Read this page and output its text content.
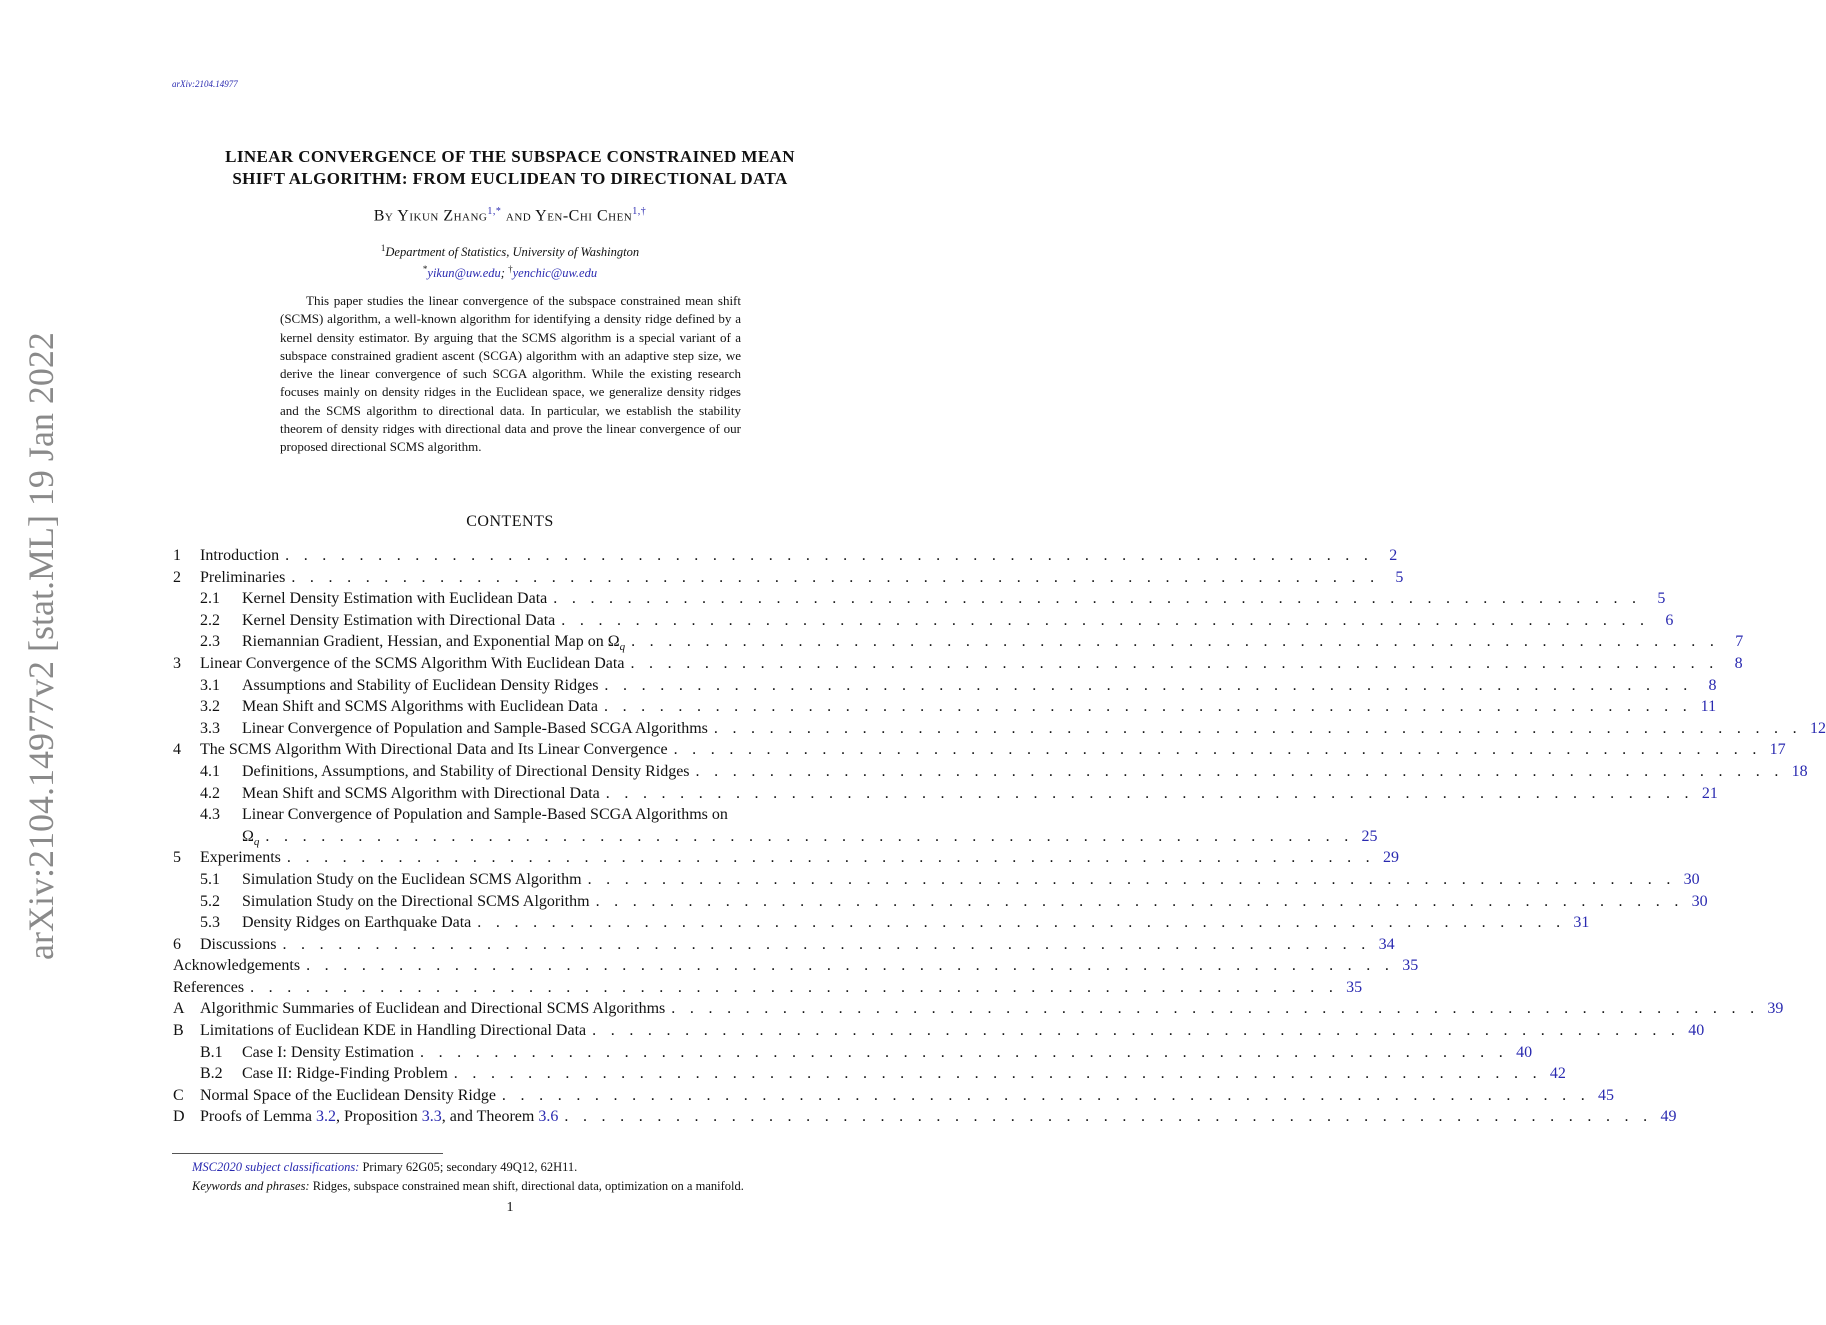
arXiv:2104.14977
arXiv:2104.14977v2 [stat.ML] 19 Jan 2022
LINEAR CONVERGENCE OF THE SUBSPACE CONSTRAINED MEAN
SHIFT ALGORITHM: FROM EUCLIDEAN TO DIRECTIONAL DATA
By Yikun Zhang$^{1,*}$ and Yen-Chi Chen$^{1,\dagger}$
$^1$Department of Statistics, University of Washington
*yikun@uw.edu; †yenchic@uw.edu

This paper studies the linear convergence of the subspace constrained mean shift (SCMS) algorithm, a well-known algorithm for identifying a density ridge defined by a kernel density estimator. By arguing that the SCMS algorithm is a special variant of a subspace constrained gradient ascent (SCGA) algorithm with an adaptive step size, we derive the linear convergence of such SCGA algorithm. While the existing research focuses mainly on density ridges in the Euclidean space, we generalize density ridges and the SCMS algorithm to directional data. In particular, we establish the stability theorem of density ridges with directional data and prove the linear convergence of our proposed directional SCMS algorithm.

CONTENTS
1 Introduction . . . . . . . . . . . . . . . . . . . . . . . . . . . . . . . . . . . . . . . . . . . . . . . . . . . . . . . . . . .	2
2 Preliminaries . . . . . . . . . . . . . . . . . . . . . . . . . . . . . . . . . . . . . . . . . . . . . . . . . . . . . . . . . . .	5
2.1 Kernel Density Estimation with Euclidean Data . . . . . . . . . . . . . . . . . . . . . . . . . . . . . . . . . . . . . . . . . . . . . . . . . . . . . . . . . . .	5
2.2 Kernel Density Estimation with Directional Data . . . . . . . . . . . . . . . . . . . . . . . . . . . . . . . . . . . . . . . . . . . . . . . . . . . . . . . . . . .	6
2.3 Riemannian Gradient, Hessian, and Exponential Map on $\Omega_q$ . . . . . . . . . . . . . . . . . . . . . . . . . . . . . . . . . . . . . . . . . . . . . . . . . . . . . . . . . . .	7
3 Linear Convergence of the SCMS Algorithm With Euclidean Data . . . . . . . . . . . . . . . . . . . . . . . . . . . . . . . . . . . . . . . . . . . . . . . . . . . . . . . . . . .	8
3.1 Assumptions and Stability of Euclidean Density Ridges . . . . . . . . . . . . . . . . . . . . . . . . . . . . . . . . . . . . . . . . . . . . . . . . . . . . . . . . . . .	8
3.2 Mean Shift and SCMS Algorithms with Euclidean Data . . . . . . . . . . . . . . . . . . . . . . . . . . . . . . . . . . . . . . . . . . . . . . . . . . . . . . . . . . . 11
3.3 Linear Convergence of Population and Sample-Based SCGA Algorithms . . . . . . . . . . . . . . . . . . . . . . . . . . . . . . . . . . . . . . . . . . . . . . . . . . . . . . . . . . . 12
4 The SCMS Algorithm With Directional Data and Its Linear Convergence . . . . . . . . . . . . . . . . . . . . . . . . . . . . . . . . . . . . . . . . . . . . . . . . . . . . . . . . . . . 17
4.1 Definitions, Assumptions, and Stability of Directional Density Ridges . . . . . . . . . . . . . . . . . . . . . . . . . . . . . . . . . . . . . . . . . . . . . . . . . . . . . . . . . . . 18
4.2 Mean Shift and SCMS Algorithm with Directional Data . . . . . . . . . . . . . . . . . . . . . . . . . . . . . . . . . . . . . . . . . . . . . . . . . . . . . . . . . . . 21
4.3 Linear Convergence of Population and Sample-Based SCGA Algorithms on
$\Omega_q$ . . . . . . . . . . . . . . . . . . . . . . . . . . . . . . . . . . . . . . . . . . . . . . . . . . . . . . . . . . . 25
5 Experiments . . . . . . . . . . . . . . . . . . . . . . . . . . . . . . . . . . . . . . . . . . . . . . . . . . . . . . . . . . . 29
5.1 Simulation Study on the Euclidean SCMS Algorithm . . . . . . . . . . . . . . . . . . . . . . . . . . . . . . . . . . . . . . . . . . . . . . . . . . . . . . . . . . . 30
5.2 Simulation Study on the Directional SCMS Algorithm . . . . . . . . . . . . . . . . . . . . . . . . . . . . . . . . . . . . . . . . . . . . . . . . . . . . . . . . . . . 30
5.3 Density Ridges on Earthquake Data . . . . . . . . . . . . . . . . . . . . . . . . . . . . . . . . . . . . . . . . . . . . . . . . . . . . . . . . . . . 31
6 Discussions . . . . . . . . . . . . . . . . . . . . . . . . . . . . . . . . . . . . . . . . . . . . . . . . . . . . . . . . . . . 34
Acknowledgements . . . . . . . . . . . . . . . . . . . . . . . . . . . . . . . . . . . . . . . . . . . . . . . . . . . . . . . . . . . 35
References . . . . . . . . . . . . . . . . . . . . . . . . . . . . . . . . . . . . . . . . . . . . . . . . . . . . . . . . . . . 35
A Algorithmic Summaries of Euclidean and Directional SCMS Algorithms . . . . . . . . . . . . . . . . . . . . . . . . . . . . . . . . . . . . . . . . . . . . . . . . . . . . . . . . . . . 39
B Limitations of Euclidean KDE in Handling Directional Data . . . . . . . . . . . . . . . . . . . . . . . . . . . . . . . . . . . . . . . . . . . . . . . . . . . . . . . . . . . 40
B.1 Case I: Density Estimation . . . . . . . . . . . . . . . . . . . . . . . . . . . . . . . . . . . . . . . . . . . . . . . . . . . . . . . . . . . 40
B.2 Case II: Ridge-Finding Problem . . . . . . . . . . . . . . . . . . . . . . . . . . . . . . . . . . . . . . . . . . . . . . . . . . . . . . . . . . . 42
C Normal Space of the Euclidean Density Ridge . . . . . . . . . . . . . . . . . . . . . . . . . . . . . . . . . . . . . . . . . . . . . . . . . . . . . . . . . . . 45
D Proofs of Lemma 3.2, Proposition 3.3, and Theorem 3.6 . . . . . . . . . . . . . . . . . . . . . . . . . . . . . . . . . . . . . . . . . . . . . . . . . . . . . . . . . . . 49
MSC2020 subject classifications: Primary 62G05; secondary 49Q12, 62H11.
Keywords and phrases: Ridges, subspace constrained mean shift, directional data, optimization on a manifold.
1
